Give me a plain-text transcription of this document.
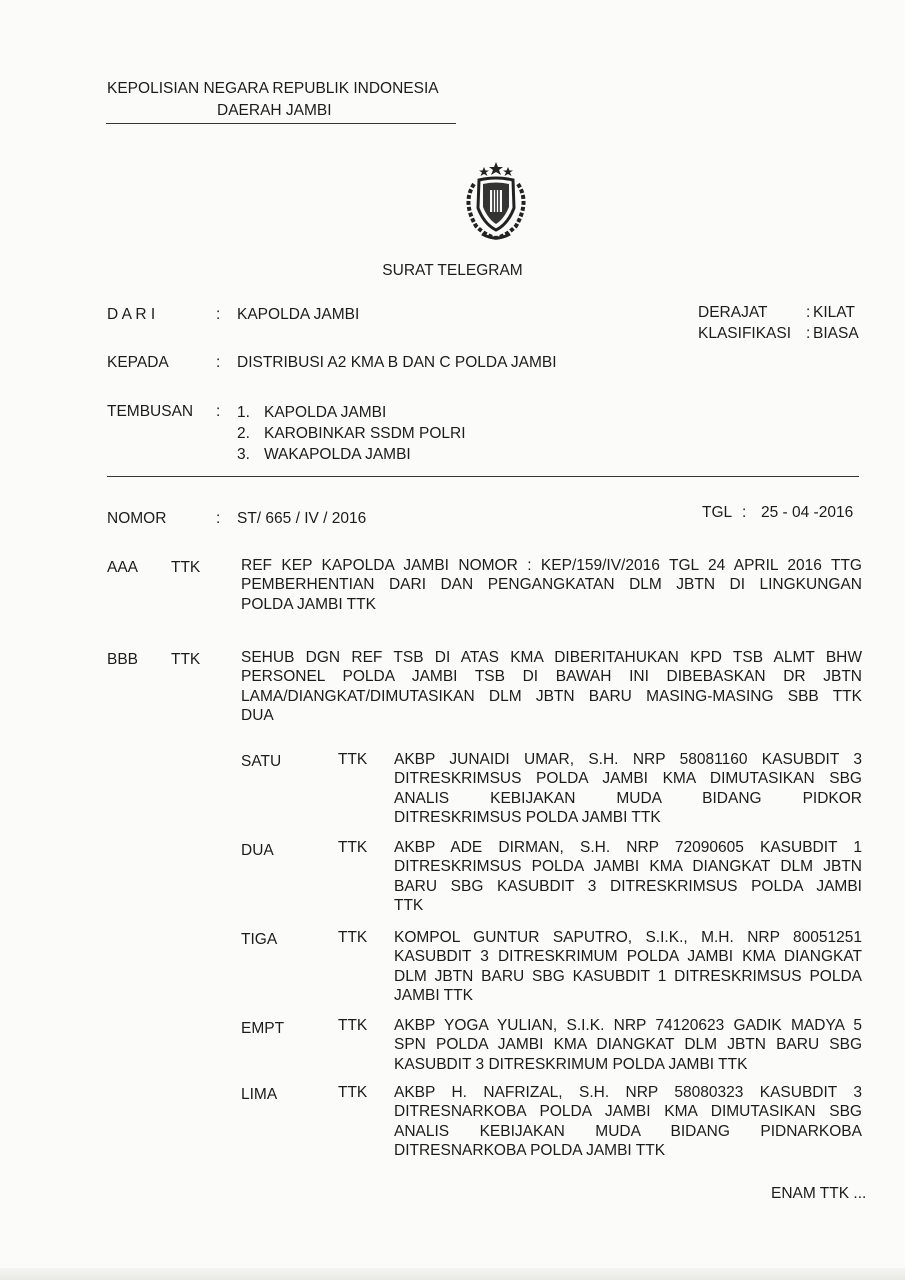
KEPOLISIAN NEGARA REPUBLIK INDONESIA
DAERAH JAMBI
SURAT TELEGRAM
D A R I	: KAPOLDA JAMBI	DERAJAT : KILAT
KLASIFIKASI : BIASA
KEPADA	: DISTRIBUSI A2 KMA B DAN C POLDA JAMBI
TEMBUSAN : 1. KAPOLDA JAMBI
2. KAROBINKAR SSDM POLRI
3. WAKAPOLDA JAMBI
NOMOR	: ST/ 665 / IV / 2016	TGL : 25 - 04 -2016
AAA TTK	REF KEP KAPOLDA JAMBI NOMOR : KEP/159/IV/2016 TGL 24 APRIL 2016 TTG
PEMBERHENTIAN DARI DAN PENGANGKATAN DLM JBTN DI LINGKUNGAN
POLDA JAMBI TTK
BBB TTK	SEHUB DGN REF TSB DI ATAS KMA DIBERITAHUKAN KPD TSB ALMT BHW
PERSONEL POLDA JAMBI TSB DI BAWAH INI DIBEBASKAN DR JBTN
LAMA/DIANGKAT/DIMUTASIKAN DLM JBTN BARU MASING-MASING SBB TTK
DUA
SATU	TTK AKBP JUNAIDI UMAR, S.H. NRP 58081160 KASUBDIT 3
DITRESKRIMSUS POLDA JAMBI KMA DIMUTASIKAN SBG
ANALIS KEBIJAKAN MUDA BIDANG PIDKOR
DITRESKRIMSUS POLDA JAMBI TTK
DUA	TTK AKBP ADE DIRMAN, S.H. NRP 72090605 KASUBDIT 1
DITRESKRIMSUS POLDA JAMBI KMA DIANGKAT DLM JBTN
BARU SBG KASUBDIT 3 DITRESKRIMSUS POLDA JAMBI
TTK
TIGA	TTK KOMPOL GUNTUR SAPUTRO, S.I.K., M.H. NRP 80051251
KASUBDIT 3 DITRESKRIMUM POLDA JAMBI KMA DIANGKAT
DLM JBTN BARU SBG KASUBDIT 1 DITRESKRIMSUS POLDA
JAMBI TTK
EMPT	TTK AKBP YOGA YULIAN, S.I.K. NRP 74120623 GADIK MADYA 5
SPN POLDA JAMBI KMA DIANGKAT DLM JBTN BARU SBG
KASUBDIT 3 DITRESKRIMUM POLDA JAMBI TTK
LIMA	TTK AKBP H. NAFRIZAL, S.H. NRP 58080323 KASUBDIT 3
DITRESNARKOBA POLDA JAMBI KMA DIMUTASIKAN SBG
ANALIS KEBIJAKAN MUDA BIDANG PIDNARKOBA
DITRESNARKOBA POLDA JAMBI TTK
ENAM TTK ...
